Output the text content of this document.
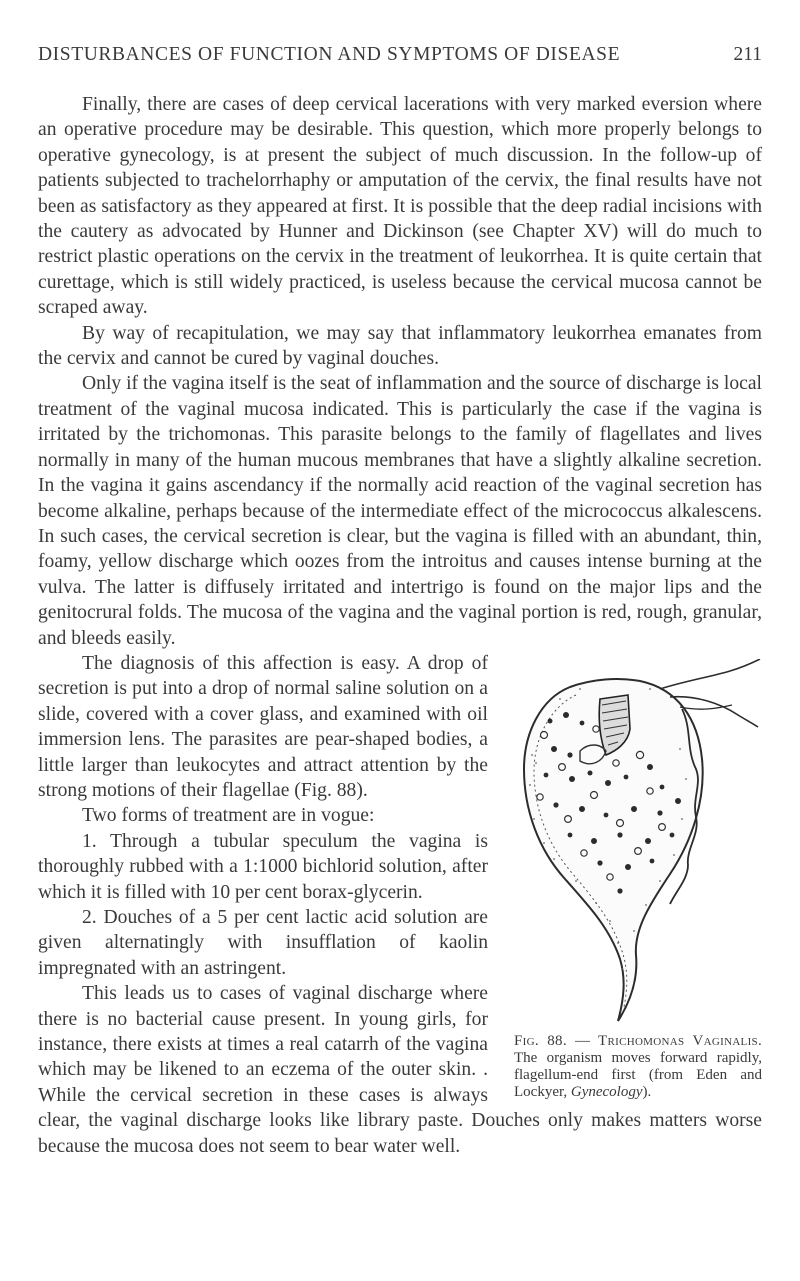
DISTURBANCES OF FUNCTION AND SYMPTOMS OF DISEASE	211

Finally, there are cases of deep cervical lacerations with very marked eversion where an operative procedure may be desirable. This question, which more properly belongs to operative gynecology, is at present the subject of much discussion. In the follow-up of patients subjected to trachelorrhaphy or amputation of the cervix, the final results have not been as satisfactory as they appeared at first. It is possible that the deep radial incisions with the cautery as advocated by Hunner and Dickinson (see Chapter XV) will do much to restrict plastic operations on the cervix in the treatment of leukorrhea. It is quite certain that curettage, which is still widely practiced, is useless because the cervical mucosa cannot be scraped away.

By way of recapitulation, we may say that inflammatory leukorrhea emanates from the cervix and cannot be cured by vaginal douches.

Only if the vagina itself is the seat of inflammation and the source of discharge is local treatment of the vaginal mucosa indicated. This is particularly the case if the vagina is irritated by the trichomonas. This parasite belongs to the family of flagellates and lives normally in many of the human mucous membranes that have a slightly alkaline secretion. In the vagina it gains ascendancy if the normally acid reaction of the vaginal secretion has become alkaline, perhaps because of the intermediate effect of the micrococcus alkalescens. In such cases, the cervical secretion is clear, but the vagina is filled with an abundant, thin, foamy, yellow discharge which oozes from the introitus and causes intense burning at the vulva. The latter is diffusely irritated and intertrigo is found on the major lips and the genitocrural folds. The mucosa of the vagina and the vaginal portion is red, rough, granular, and bleeds easily.

Fig. 88. — Trichomonas Vaginalis. The organism moves forward rapidly, flagellum-end first (from Eden and Lockyer, Gynecology).

The diagnosis of this affection is easy. A drop of secretion is put into a drop of normal saline solution on a slide, covered with a cover glass, and examined with oil immersion lens. The parasites are pear-shaped bodies, a little larger than leukocytes and attract attention by the strong motions of their flagellae (Fig. 88).

Two forms of treatment are in vogue:

1. Through a tubular speculum the vagina is thoroughly rubbed with a 1:1000 bichlorid solution, after which it is filled with 10 per cent borax-glycerin.

2. Douches of a 5 per cent lactic acid solution are given alternatingly with insufflation of kaolin impregnated with an astringent.

This leads us to cases of vaginal discharge where there is no bacterial cause present. In young girls, for instance, there exists at times a real catarrh of the vagina which may be likened to an eczema of the outer skin. . While the cervical secretion in these cases is always clear, the vaginal discharge looks like library paste. Douches only makes matters worse because the mucosa does not seem to bear water well.
